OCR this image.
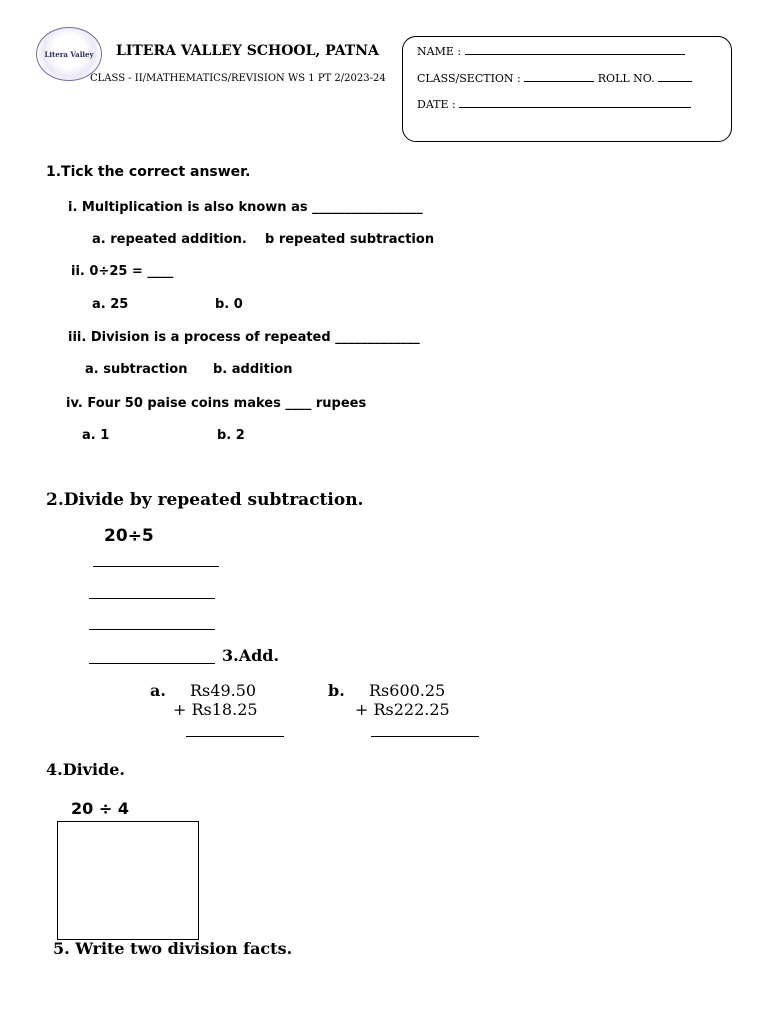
Litera Valley	LITERA VALLEY SCHOOL, PATNA
CLASS - II/MATHEMATICS/REVISION WS 1 PT 2/2023-24
NAME :
CLASS/SECTION :	ROLL NO.
DATE :
1.Tick the correct answer.
i. Multiplication is also known as _________________
a. repeated addition. b repeated subtraction
ii. 0÷25 = ____
a. 25	b. 0
iii. Division is a process of repeated _____________
a. subtraction b. addition
iv. Four 50 paise coins makes ____ rupees
a. 1	b. 2
2.Divide by repeated subtraction.
20÷5
3.Add.
a. Rs49.50
+ Rs18.25
b. Rs600.25
+ Rs222.25
4.Divide.
20 ÷ 4
5. Write two division facts.
